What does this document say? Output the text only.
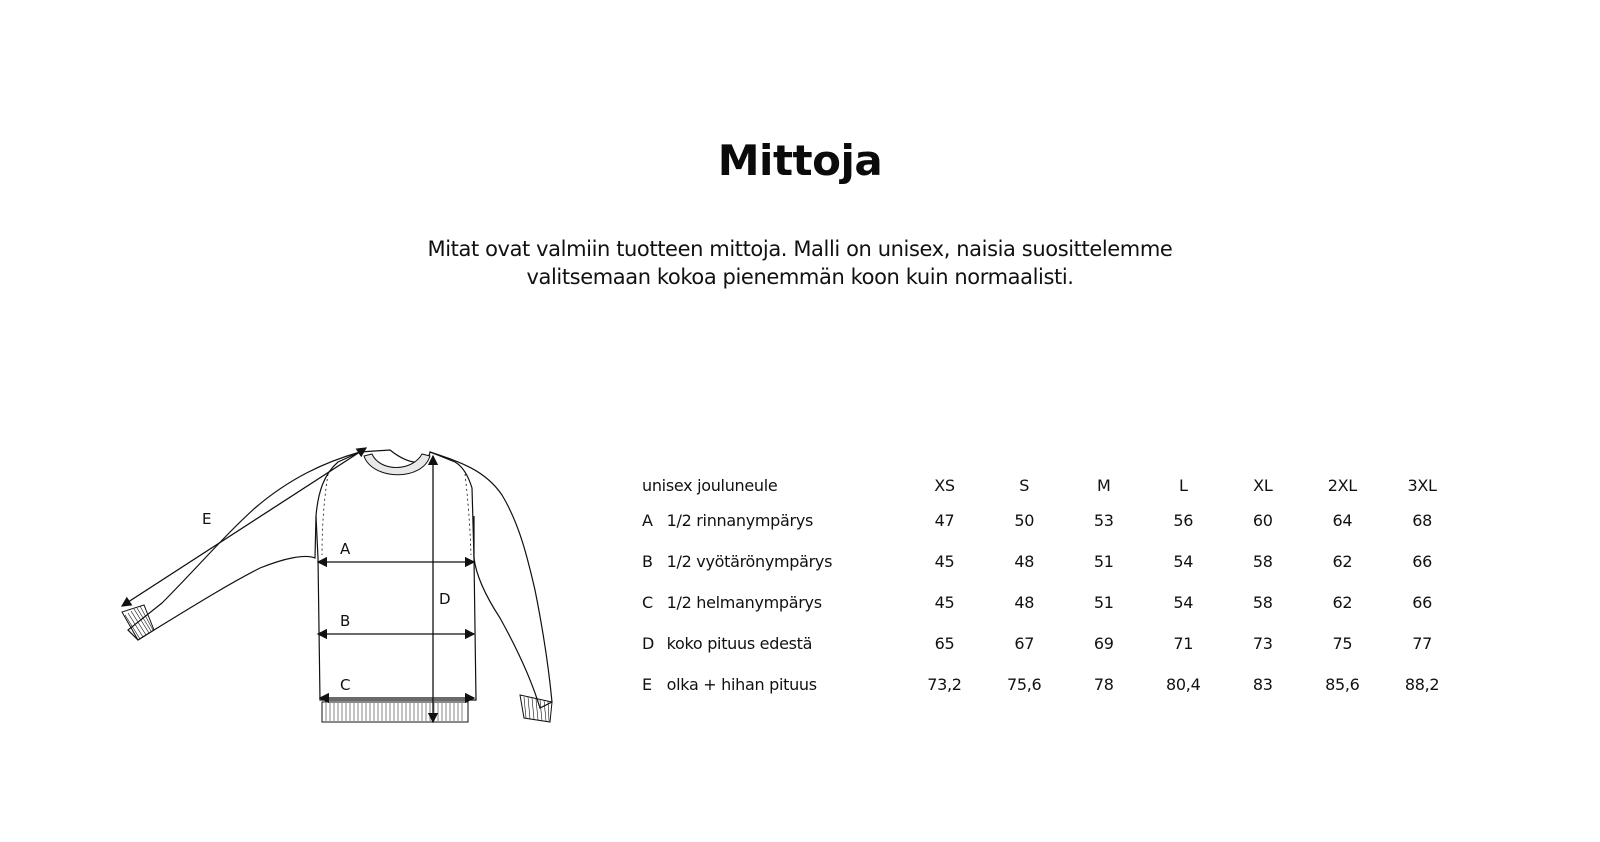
Mittoja

Mitat ovat valmiin tuotteen mittoja. Malli on unisex, naisia suosittelemme
valitsemaan kokoa pienemmän koon kuin normaalisti.

E
A
B
C
D
unisex jouluneule		XS	S	M	L	XL	2XL	3XL
A	1/2 rinnanympärys	47	50	53	56	60	64	68
B	1/2 vyötärönympärys	45	48	51	54	58	62	66
C	1/2 helmanympärys	45	48	51	54	58	62	66
D	koko pituus edestä	65	67	69	71	73	75	77
E	olka + hihan pituus	73,2	75,6	78	80,4	83	85,6	88,2
